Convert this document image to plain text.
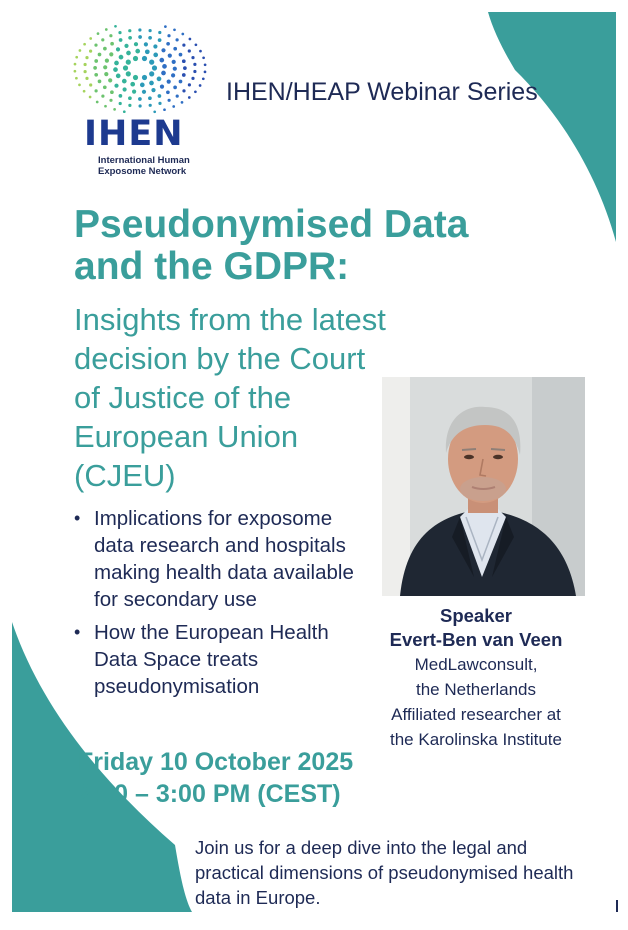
IHEN
International Human
Exposome Network
IHEN/HEAP Webinar Series
Pseudonymised Data
and the GDPR:
Insights from the latest
decision by the Court
of Justice of the
European Union
(CJEU)
• Implications for exposome data research and hospitals making health data available for secondary use
• How the European Health Data Space treats pseudonymisation
Speaker
Evert-Ben van Veen
MedLawconsult,
the Netherlands
Affiliated researcher at
the Karolinska Institute
Friday 10 October 2025
2:00 – 3:00 PM (CEST)
Join us for a deep dive into the legal and practical dimensions of pseudonymised health data in Europe.
